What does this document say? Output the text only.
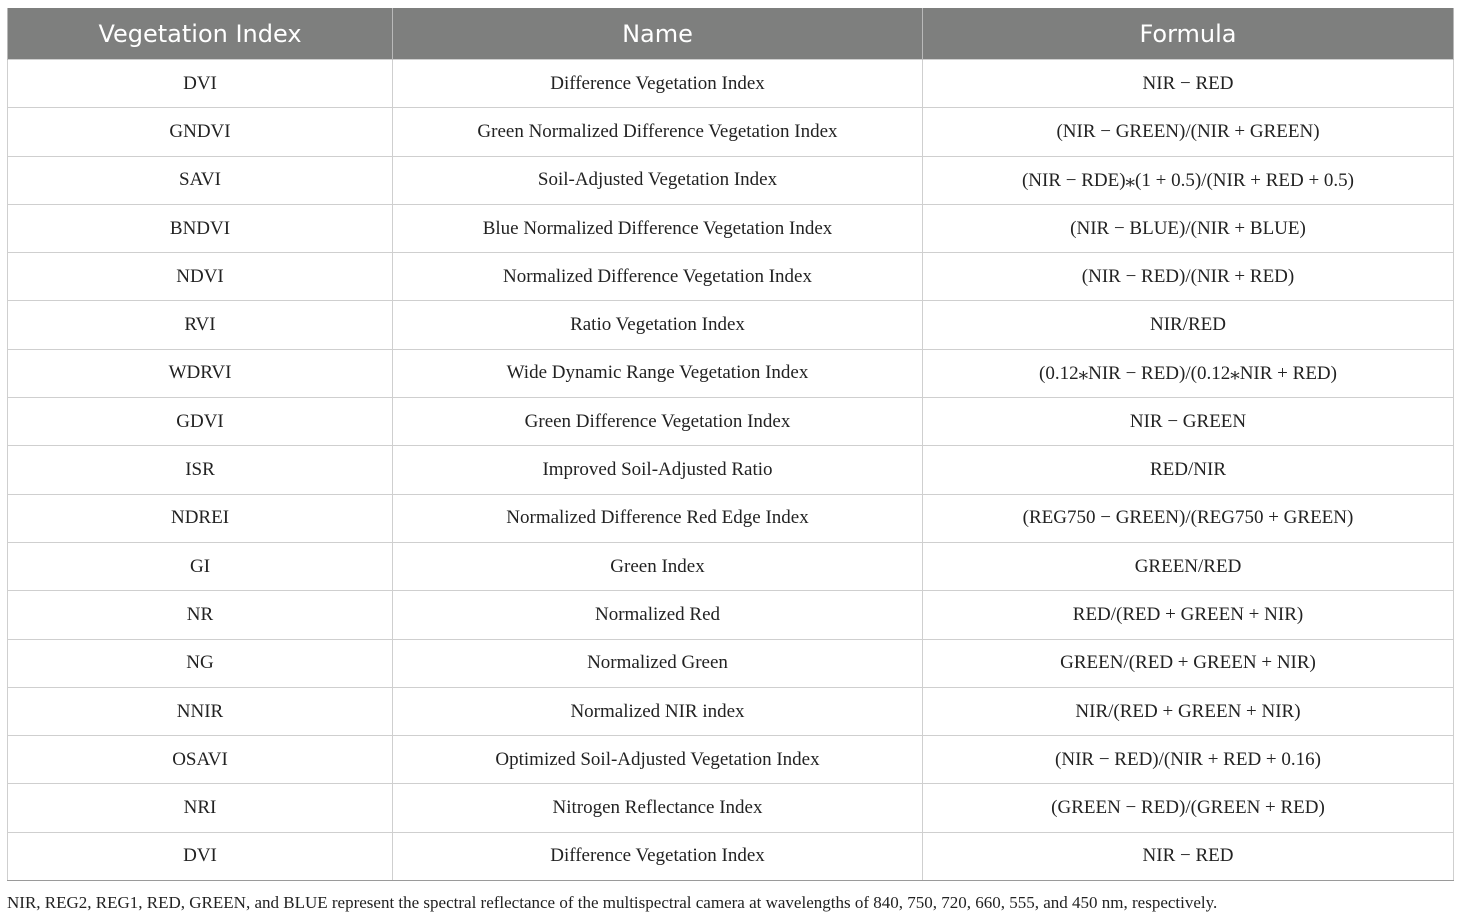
Vegetation Index	Name	Formula
DVI	Difference Vegetation Index	NIR − RED
GNDVI	Green Normalized Difference Vegetation Index	(NIR − GREEN)/(NIR + GREEN)
SAVI	Soil-Adjusted Vegetation Index	(NIR − RDE)⁎(1 + 0.5)/(NIR + RED + 0.5)
BNDVI	Blue Normalized Difference Vegetation Index	(NIR − BLUE)/(NIR + BLUE)
NDVI	Normalized Difference Vegetation Index	(NIR − RED)/(NIR + RED)
RVI	Ratio Vegetation Index	NIR/RED
WDRVI	Wide Dynamic Range Vegetation Index	(0.12⁎NIR − RED)/(0.12⁎NIR + RED)
GDVI	Green Difference Vegetation Index	NIR − GREEN
ISR	Improved Soil-Adjusted Ratio	RED/NIR
NDREI	Normalized Difference Red Edge Index	(REG750 − GREEN)/(REG750 + GREEN)
GI	Green Index	GREEN/RED
NR	Normalized Red	RED/(RED + GREEN + NIR)
NG	Normalized Green	GREEN/(RED + GREEN + NIR)
NNIR	Normalized NIR index	NIR/(RED + GREEN + NIR)
OSAVI	Optimized Soil-Adjusted Vegetation Index	(NIR − RED)/(NIR + RED + 0.16)
NRI	Nitrogen Reflectance Index	(GREEN − RED)/(GREEN + RED)
DVI	Difference Vegetation Index	NIR − RED
NIR, REG2, REG1, RED, GREEN, and BLUE represent the spectral reflectance of the multispectral camera at wavelengths of 840, 750, 720, 660, 555, and 450 nm, respectively.
